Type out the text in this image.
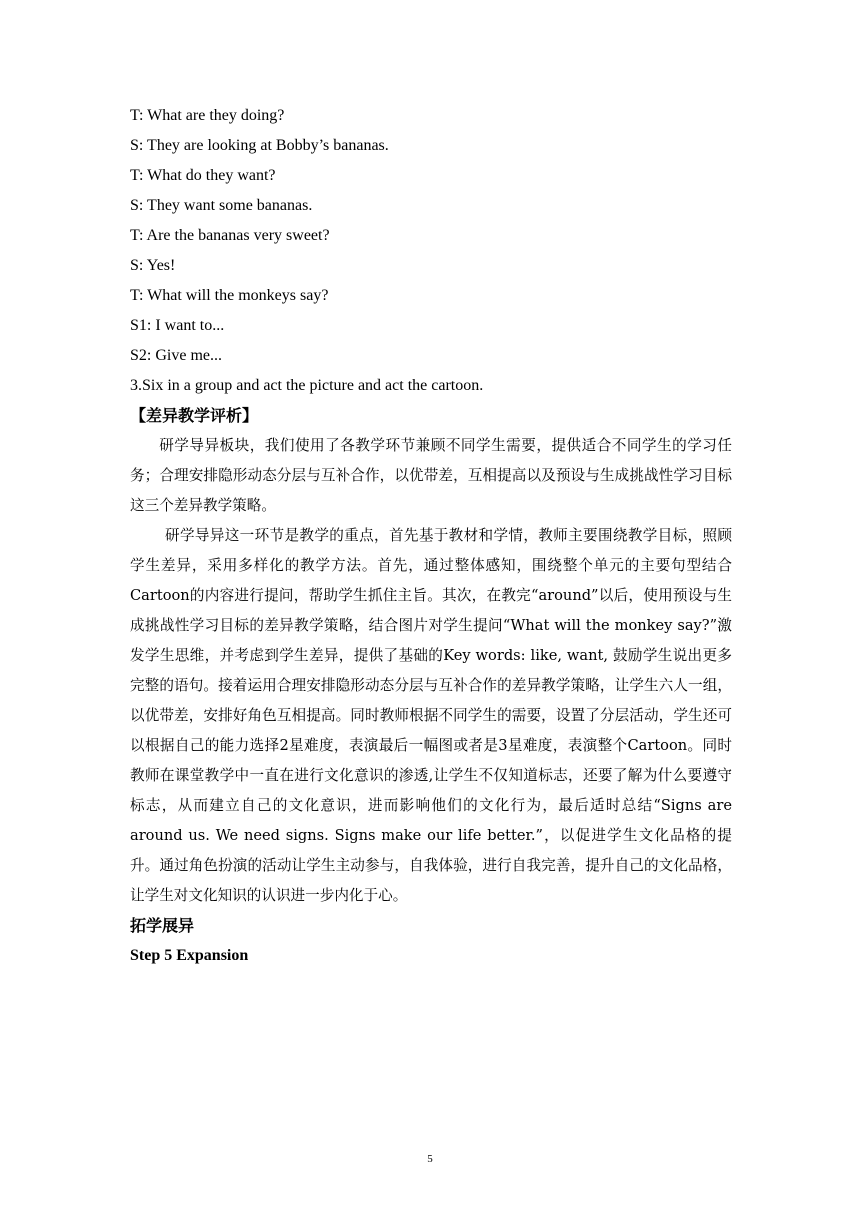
T: What are they doing?
S: They are looking at Bobby’s bananas.
T: What do they want?
S: They want some bananas.
T: Are the bananas very sweet?
S: Yes!
T: What will the monkeys say?
S1: I want to...
S2: Give me...
3.Six in a group and act the picture and act the cartoon.
【差异教学评析】

研学导异板块，我们使用了各教学环节兼顾不同学生需要，提供适合不同学生的学习任务；合理安排隐形动态分层与互补合作，以优带差，互相提高以及预设与生成挑战性学习目标这三个差异教学策略。

研学导异这一环节是教学的重点，首先基于教材和学情，教师主要围绕教学目标，照顾学生差异，采用多样化的教学方法。首先，通过整体感知，围绕整个单元的主要句型结合Cartoon的内容进行提问，帮助学生抓住主旨。其次，在教完“around”以后，使用预设与生成挑战性学习目标的差异教学策略，结合图片对学生提问“What will the monkey say?”激发学生思维，并考虑到学生差异，提供了基础的Key words: like, want, 鼓励学生说出更多完整的语句。接着运用合理安排隐形动态分层与互补合作的差异教学策略，让学生六人一组，以优带差，安排好角色互相提高。同时教师根据不同学生的需要，设置了分层活动，学生还可以根据自己的能力选择2星难度，表演最后一幅图或者是3星难度，表演整个Cartoon。同时教师在课堂教学中一直在进行文化意识的渗透,让学生不仅知道标志，还要了解为什么要遵守标志，从而建立自己的文化意识，进而影响他们的文化行为，最后适时总结“Signs are around us. We need signs. Signs make our life better.”，以促进学生文化品格的提升。通过角色扮演的活动让学生主动参与，自我体验，进行自我完善，提升自己的文化品格，让学生对文化知识的认识进一步内化于心。

拓学展异
Step 5 Expansion
5
